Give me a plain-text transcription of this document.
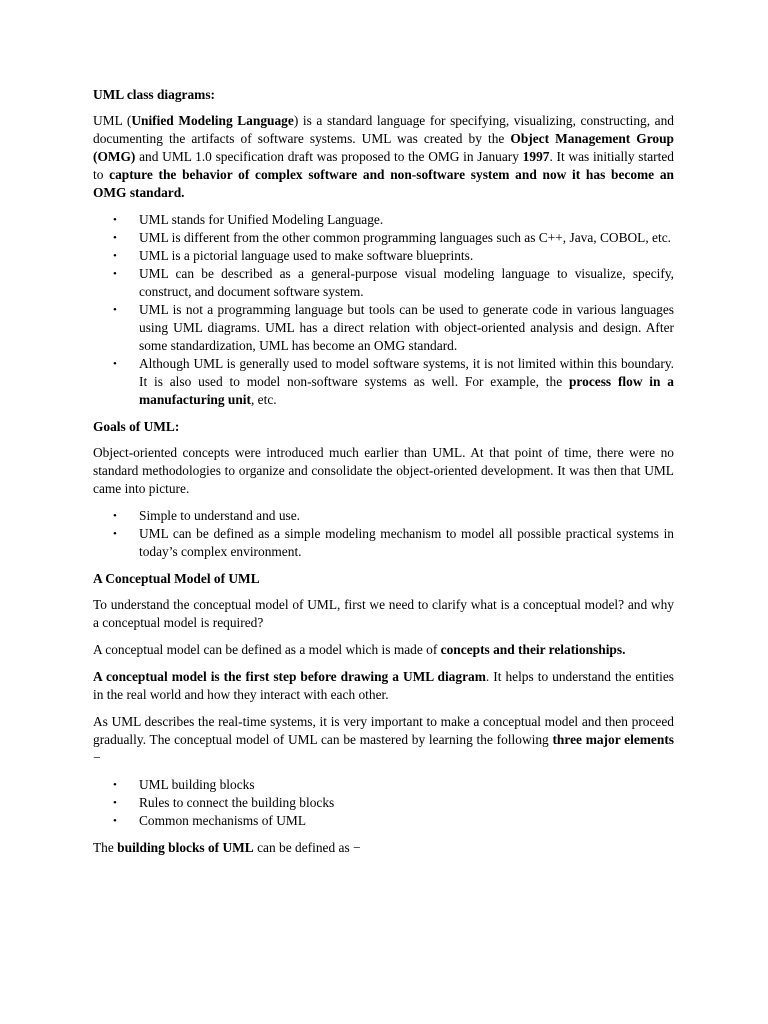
UML class diagrams:

UML (Unified Modeling Language) is a standard language for specifying, visualizing, constructing, and documenting the artifacts of software systems. UML was created by the Object Management Group (OMG) and UML 1.0 specification draft was proposed to the OMG in January 1997. It was initially started to capture the behavior of complex software and non-software system and now it has become an OMG standard.

• UML stands for Unified Modeling Language.
• UML is different from the other common programming languages such as C++, Java, COBOL, etc.
• UML is a pictorial language used to make software blueprints.
• UML can be described as a general-purpose visual modeling language to visualize, specify, construct, and document software system.
• UML is not a programming language but tools can be used to generate code in various languages using UML diagrams. UML has a direct relation with object-oriented analysis and design. After some standardization, UML has become an OMG standard.
• Although UML is generally used to model software systems, it is not limited within this boundary. It is also used to model non-software systems as well. For example, the process flow in a manufacturing unit, etc.
Goals of UML:

Object-oriented concepts were introduced much earlier than UML. At that point of time, there were no standard methodologies to organize and consolidate the object-oriented development. It was then that UML came into picture.

• Simple to understand and use.
• UML can be defined as a simple modeling mechanism to model all possible practical systems in today’s complex environment.
A Conceptual Model of UML

To understand the conceptual model of UML, first we need to clarify what is a conceptual model? and why a conceptual model is required?

A conceptual model can be defined as a model which is made of concepts and their relationships.

A conceptual model is the first step before drawing a UML diagram. It helps to understand the entities in the real world and how they interact with each other.

As UML describes the real-time systems, it is very important to make a conceptual model and then proceed gradually. The conceptual model of UML can be mastered by learning the following three major elements −

• UML building blocks
• Rules to connect the building blocks
• Common mechanisms of UML

The building blocks of UML can be defined as −
